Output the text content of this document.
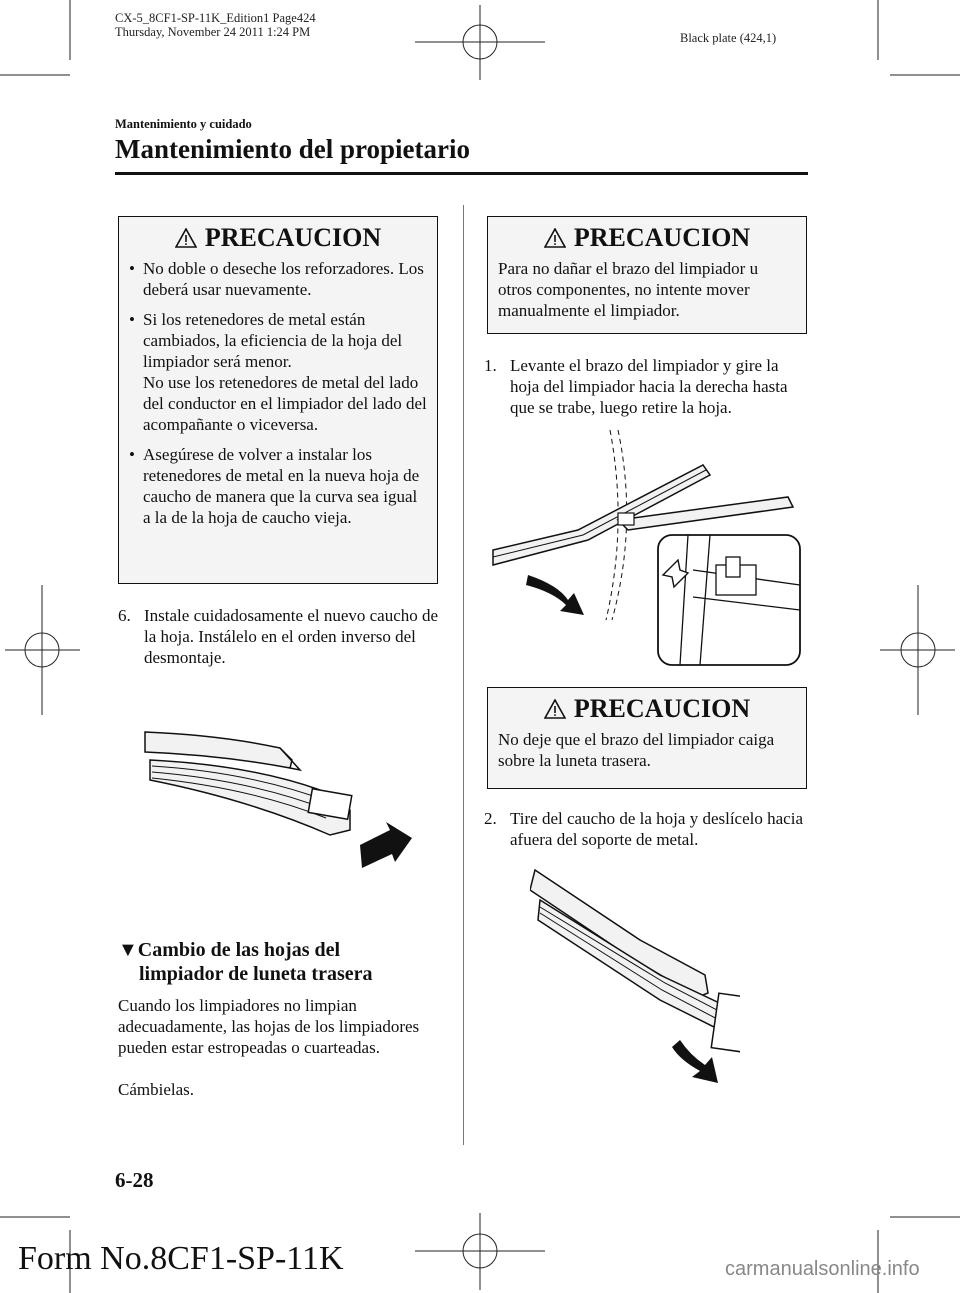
CX-5_8CF1-SP-11K_Edition1 Page424
Thursday, November 24 2011 1:24 PM	Black plate (424,1)
Mantenimiento y cuidado
Mantenimiento del propietario
PRECAUCION
• No doble o deseche los reforzadores. Los deberá usar nuevamente.
• Si los retenedores de metal están cambiados, la eficiencia de la hoja del limpiador será menor.
No use los retenedores de metal del lado del conductor en el limpiador del lado del acompañante o viceversa.
• Asegúrese de volver a instalar los retenedores de metal en la nueva hoja de caucho de manera que la curva sea igual a la de la hoja de caucho vieja.
6. Instale cuidadosamente el nuevo caucho de la hoja. Instálelo en el orden inverso del desmontaje.
▼Cambio de las hojas del
limpiador de luneta trasera
Cuando los limpiadores no limpian adecuadamente, las hojas de los limpiadores pueden estar estropeadas o cuarteadas.
Cámbielas.
PRECAUCION

Para no dañar el brazo del limpiador u otros componentes, no intente mover manualmente el limpiador.

1. Levante el brazo del limpiador y gire la hoja del limpiador hacia la derecha hasta que se trabe, luego retire la hoja.
PRECAUCION

No deje que el brazo del limpiador caiga sobre la luneta trasera.

2. Tire del caucho de la hoja y deslícelo hacia afuera del soporte de metal.
6-28
Form No.8CF1-SP-11K	carmanualsonline.info
